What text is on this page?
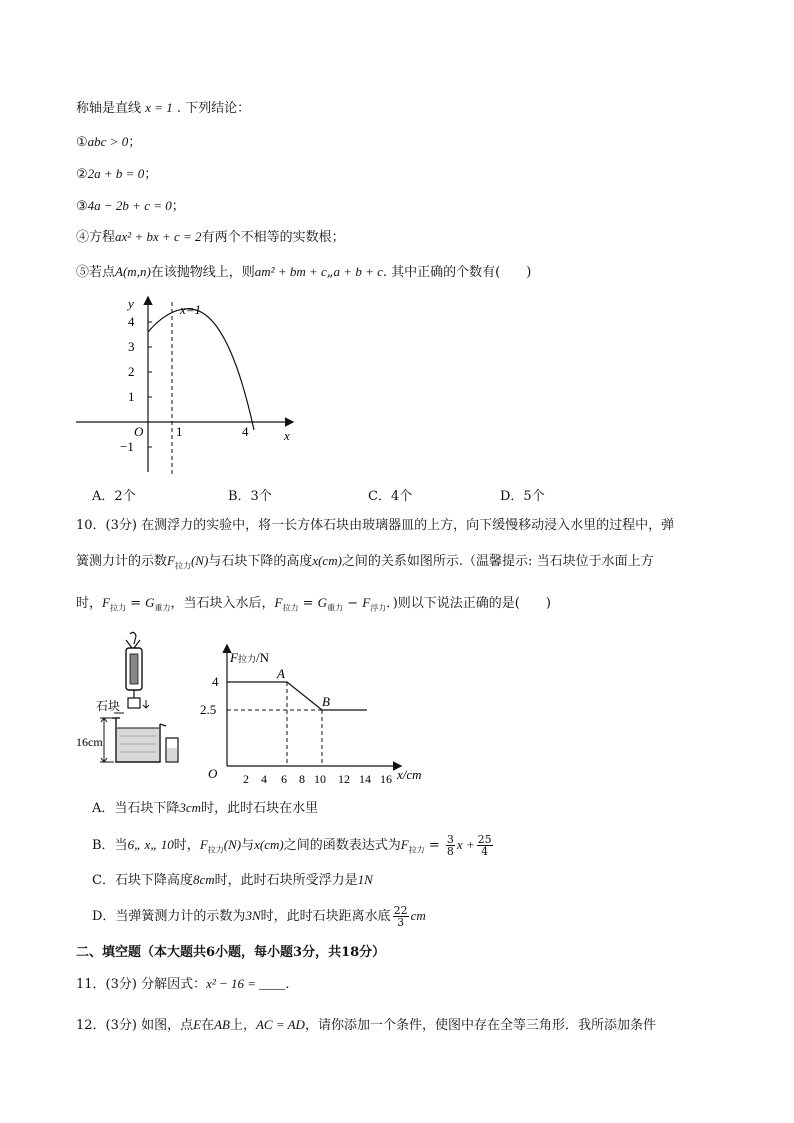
称轴是直线 x = 1 . 下列结论：
①abc > 0；
②2a + b = 0；
③4a − 2b + c = 0；
④方程ax² + bx + c = 2有两个不相等的实数根；
⑤若点A(m,n)在该抛物线上，则am² + bm + c„a + b + c. 其中正确的个数有(　　)
4
3
2
1
−1
1	4
O	x
y	x=1
A．2个	B．3个	C．4个	D．5个
10．(3分) 在测浮力的实验中，将一长方体石块由玻璃器皿的上方，向下缓慢移动浸入水里的过程中，弹
簧测力计的示数$F_{拉力}(N)$与石块下降的高度x(cm)之间的关系如图所示.（温馨提示: 当石块位于水面上方
时，$F_{拉力} = G_{重力}$，当石块入水后，$F_{拉力} = G_{重力} - F_{浮力}$．)则以下说法正确的是(　　)
石块
16cm
A
B
4
2.5
O 2 4 6 8 10 12 14 16 x/cm
F拉力/N
A．当石块下降3cm时，此时石块在水里
B．当6„ x„ 10时，$F_{拉力}(N)$与x(cm)之间的函数表达式为$F_{拉力} = \frac{3}{8}$ $x + \frac{25}{4}$
C．石块下降高度8cm时，此时石块所受浮力是1N
D．当弹簧测力计的示数为3N时，此时石块距离水底 $\frac{22}{3}$ cm
二、填空题（本大题共6小题，每小题3分，共18分）
11．(3分) 分解因式：x² − 16 = ____．
12．(3分) 如图，点E在AB上，AC = AD，请你添加一个条件，使图中存在全等三角形．我所添加条件
